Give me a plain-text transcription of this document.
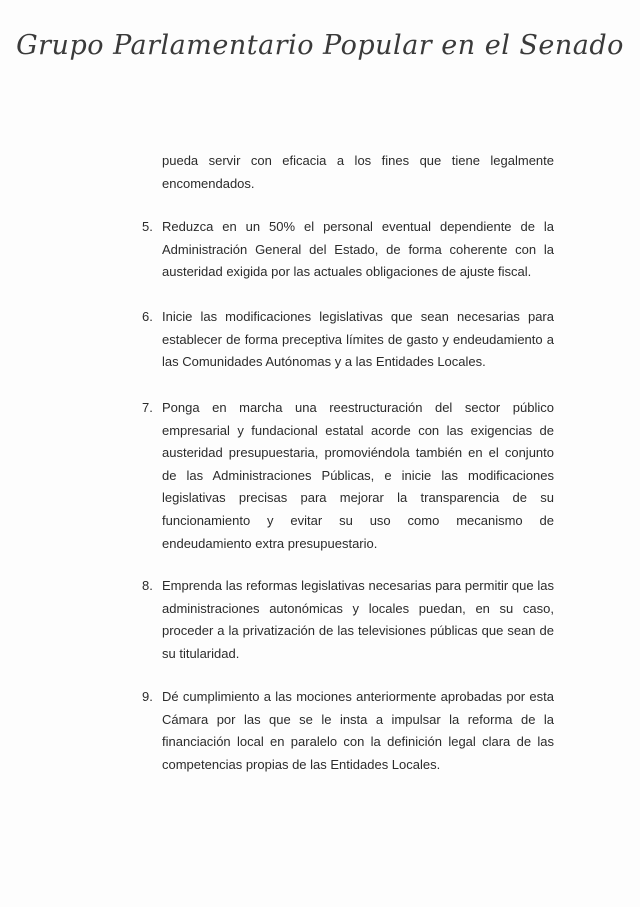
Grupo Parlamentario Popular en el Senado
pueda servir con eficacia a los fines que tiene legalmente encomendados.
5. Reduzca en un 50% el personal eventual dependiente de la Administración General del Estado, de forma coherente con la austeridad exigida por las actuales obligaciones de ajuste fiscal.
6. Inicie las modificaciones legislativas que sean necesarias para establecer de forma preceptiva límites de gasto y endeudamiento a las Comunidades Autónomas y a las Entidades Locales.
7. Ponga en marcha una reestructuración del sector público empresarial y fundacional estatal acorde con las exigencias de austeridad presupuestaria, promoviéndola también en el conjunto de las Administraciones Públicas, e inicie las modificaciones legislativas precisas para mejorar la transparencia de su funcionamiento y evitar su uso como mecanismo de endeudamiento extra presupuestario.
8. Emprenda las reformas legislativas necesarias para permitir que las administraciones autonómicas y locales puedan, en su caso, proceder a la privatización de las televisiones públicas que sean de su titularidad.
9. Dé cumplimiento a las mociones anteriormente aprobadas por esta Cámara por las que se le insta a impulsar la reforma de la financiación local en paralelo con la definición legal clara de las competencias propias de las Entidades Locales.
